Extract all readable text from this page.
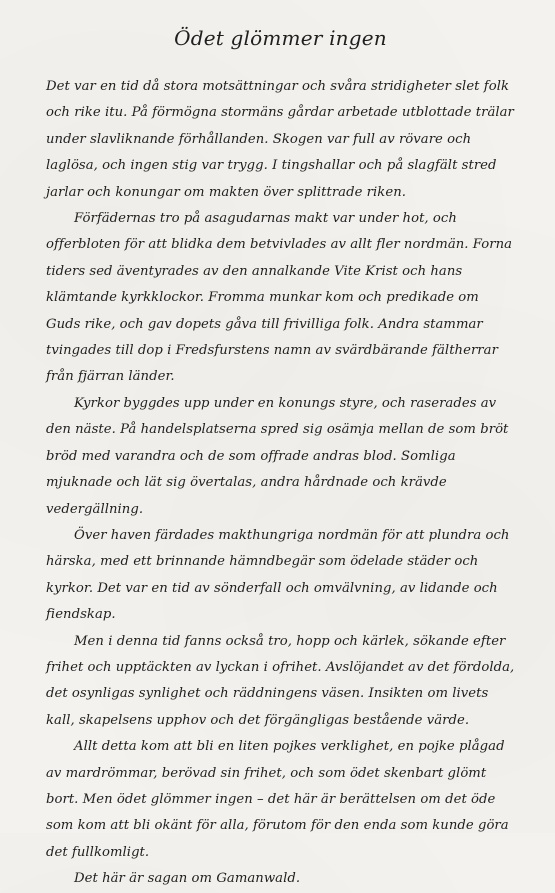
Ödet glömmer ingen

Det var en tid då stora motsättningar och svåra stridigheter slet folk och rike itu. På förmögna stormäns gårdar arbetade utblottade trälar under slavliknande förhållanden. Skogen var full av rövare och laglösa, och ingen stig var trygg. I tingshallar och på slagfält stred jarlar och konungar om makten över splittrade riken.

Förfädernas tro på asagudarnas makt var under hot, och offerbloten för att blidka dem betvivlades av allt fler nordmän. Forna tiders sed äventyrades av den annalkande Vite Krist och hans klämtande kyrkklockor. Fromma munkar kom och predikade om Guds rike, och gav dopets gåva till frivilliga folk. Andra stammar tvingades till dop i Fredsfurstens namn av svärdbärande fältherrar från fjärran länder.

Kyrkor byggdes upp under en konungs styre, och raserades av den näste. På handelsplatserna spred sig osämja mellan de som bröt bröd med varandra och de som offrade andras blod. Somliga mjuknade och lät sig övertalas, andra hårdnade och krävde vedergällning.

Över haven färdades makthungriga nordmän för att plundra och härska, med ett brinnande hämndbegär som ödelade städer och kyrkor. Det var en tid av sönderfall och omvälvning, av lidande och fiendskap.

Men i denna tid fanns också tro, hopp och kärlek, sökande efter frihet och upptäckten av lyckan i ofrihet. Avslöjandet av det fördolda, det osynligas synlighet och räddningens väsen. Insikten om livets kall, skapelsens upphov och det förgängligas bestående värde.

Allt detta kom att bli en liten pojkes verklighet, en pojke plågad av mardrömmar, berövad sin frihet, och som ödet skenbart glömt bort. Men ödet glömmer ingen – det här är berättelsen om det öde som kom att bli okänt för alla, förutom för den enda som kunde göra det fullkomligt.

Det här är sagan om Gamanwald.
